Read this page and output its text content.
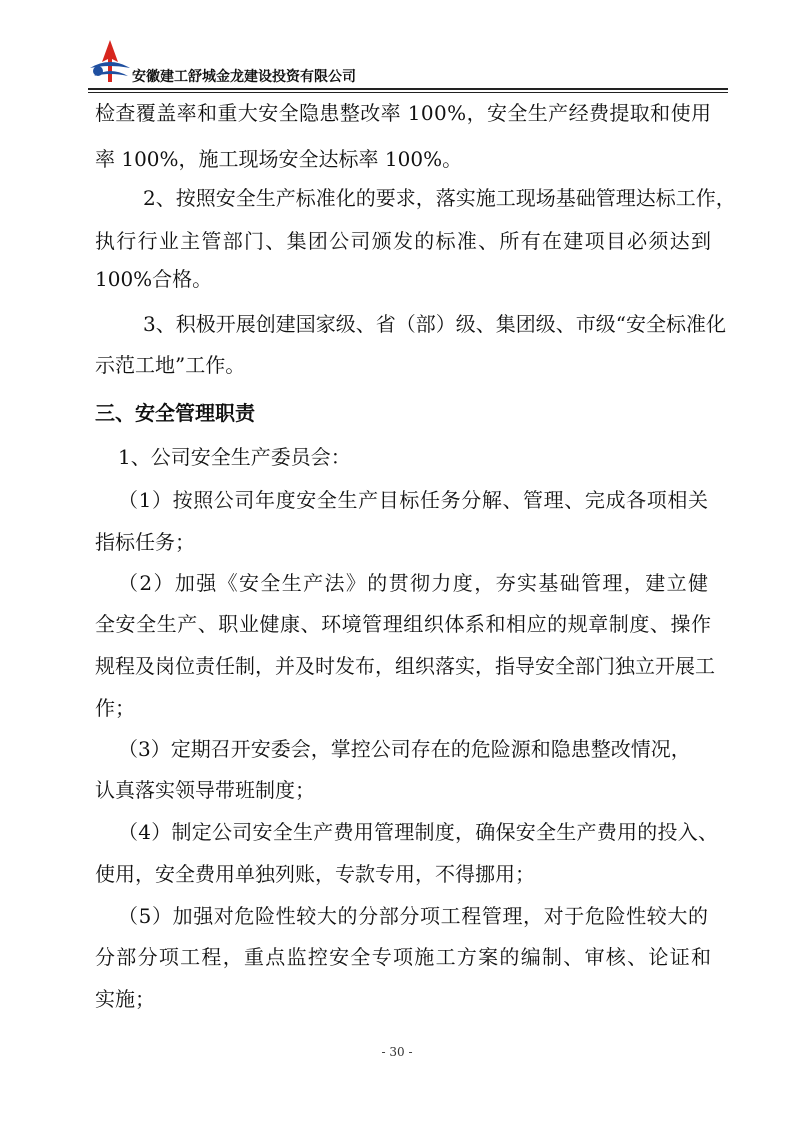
安徽建工舒城金龙建设投资有限公司
检查覆盖率和重大安全隐患整改率 100%，安全生产经费提取和使用
率 100%，施工现场安全达标率 100%。
2、按照安全生产标准化的要求，落实施工现场基础管理达标工作，
执行行业主管部门、集团公司颁发的标准、所有在建项目必须达到
100%合格。
3、积极开展创建国家级、省（部）级、集团级、市级“安全标准化
示范工地”工作。
三、安全管理职责
1、公司安全生产委员会：
（1）按照公司年度安全生产目标任务分解、管理、完成各项相关
指标任务；
（2）加强《安全生产法》的贯彻力度，夯实基础管理，建立健
全安全生产、职业健康、环境管理组织体系和相应的规章制度、操作
规程及岗位责任制，并及时发布，组织落实，指导安全部门独立开展工
作；
（3）定期召开安委会，掌控公司存在的危险源和隐患整改情况，
认真落实领导带班制度；
（4）制定公司安全生产费用管理制度，确保安全生产费用的投入、
使用，安全费用单独列账，专款专用，不得挪用；
（5）加强对危险性较大的分部分项工程管理，对于危险性较大的
分部分项工程，重点监控安全专项施工方案的编制、审核、论证和
实施；
- 30 -
